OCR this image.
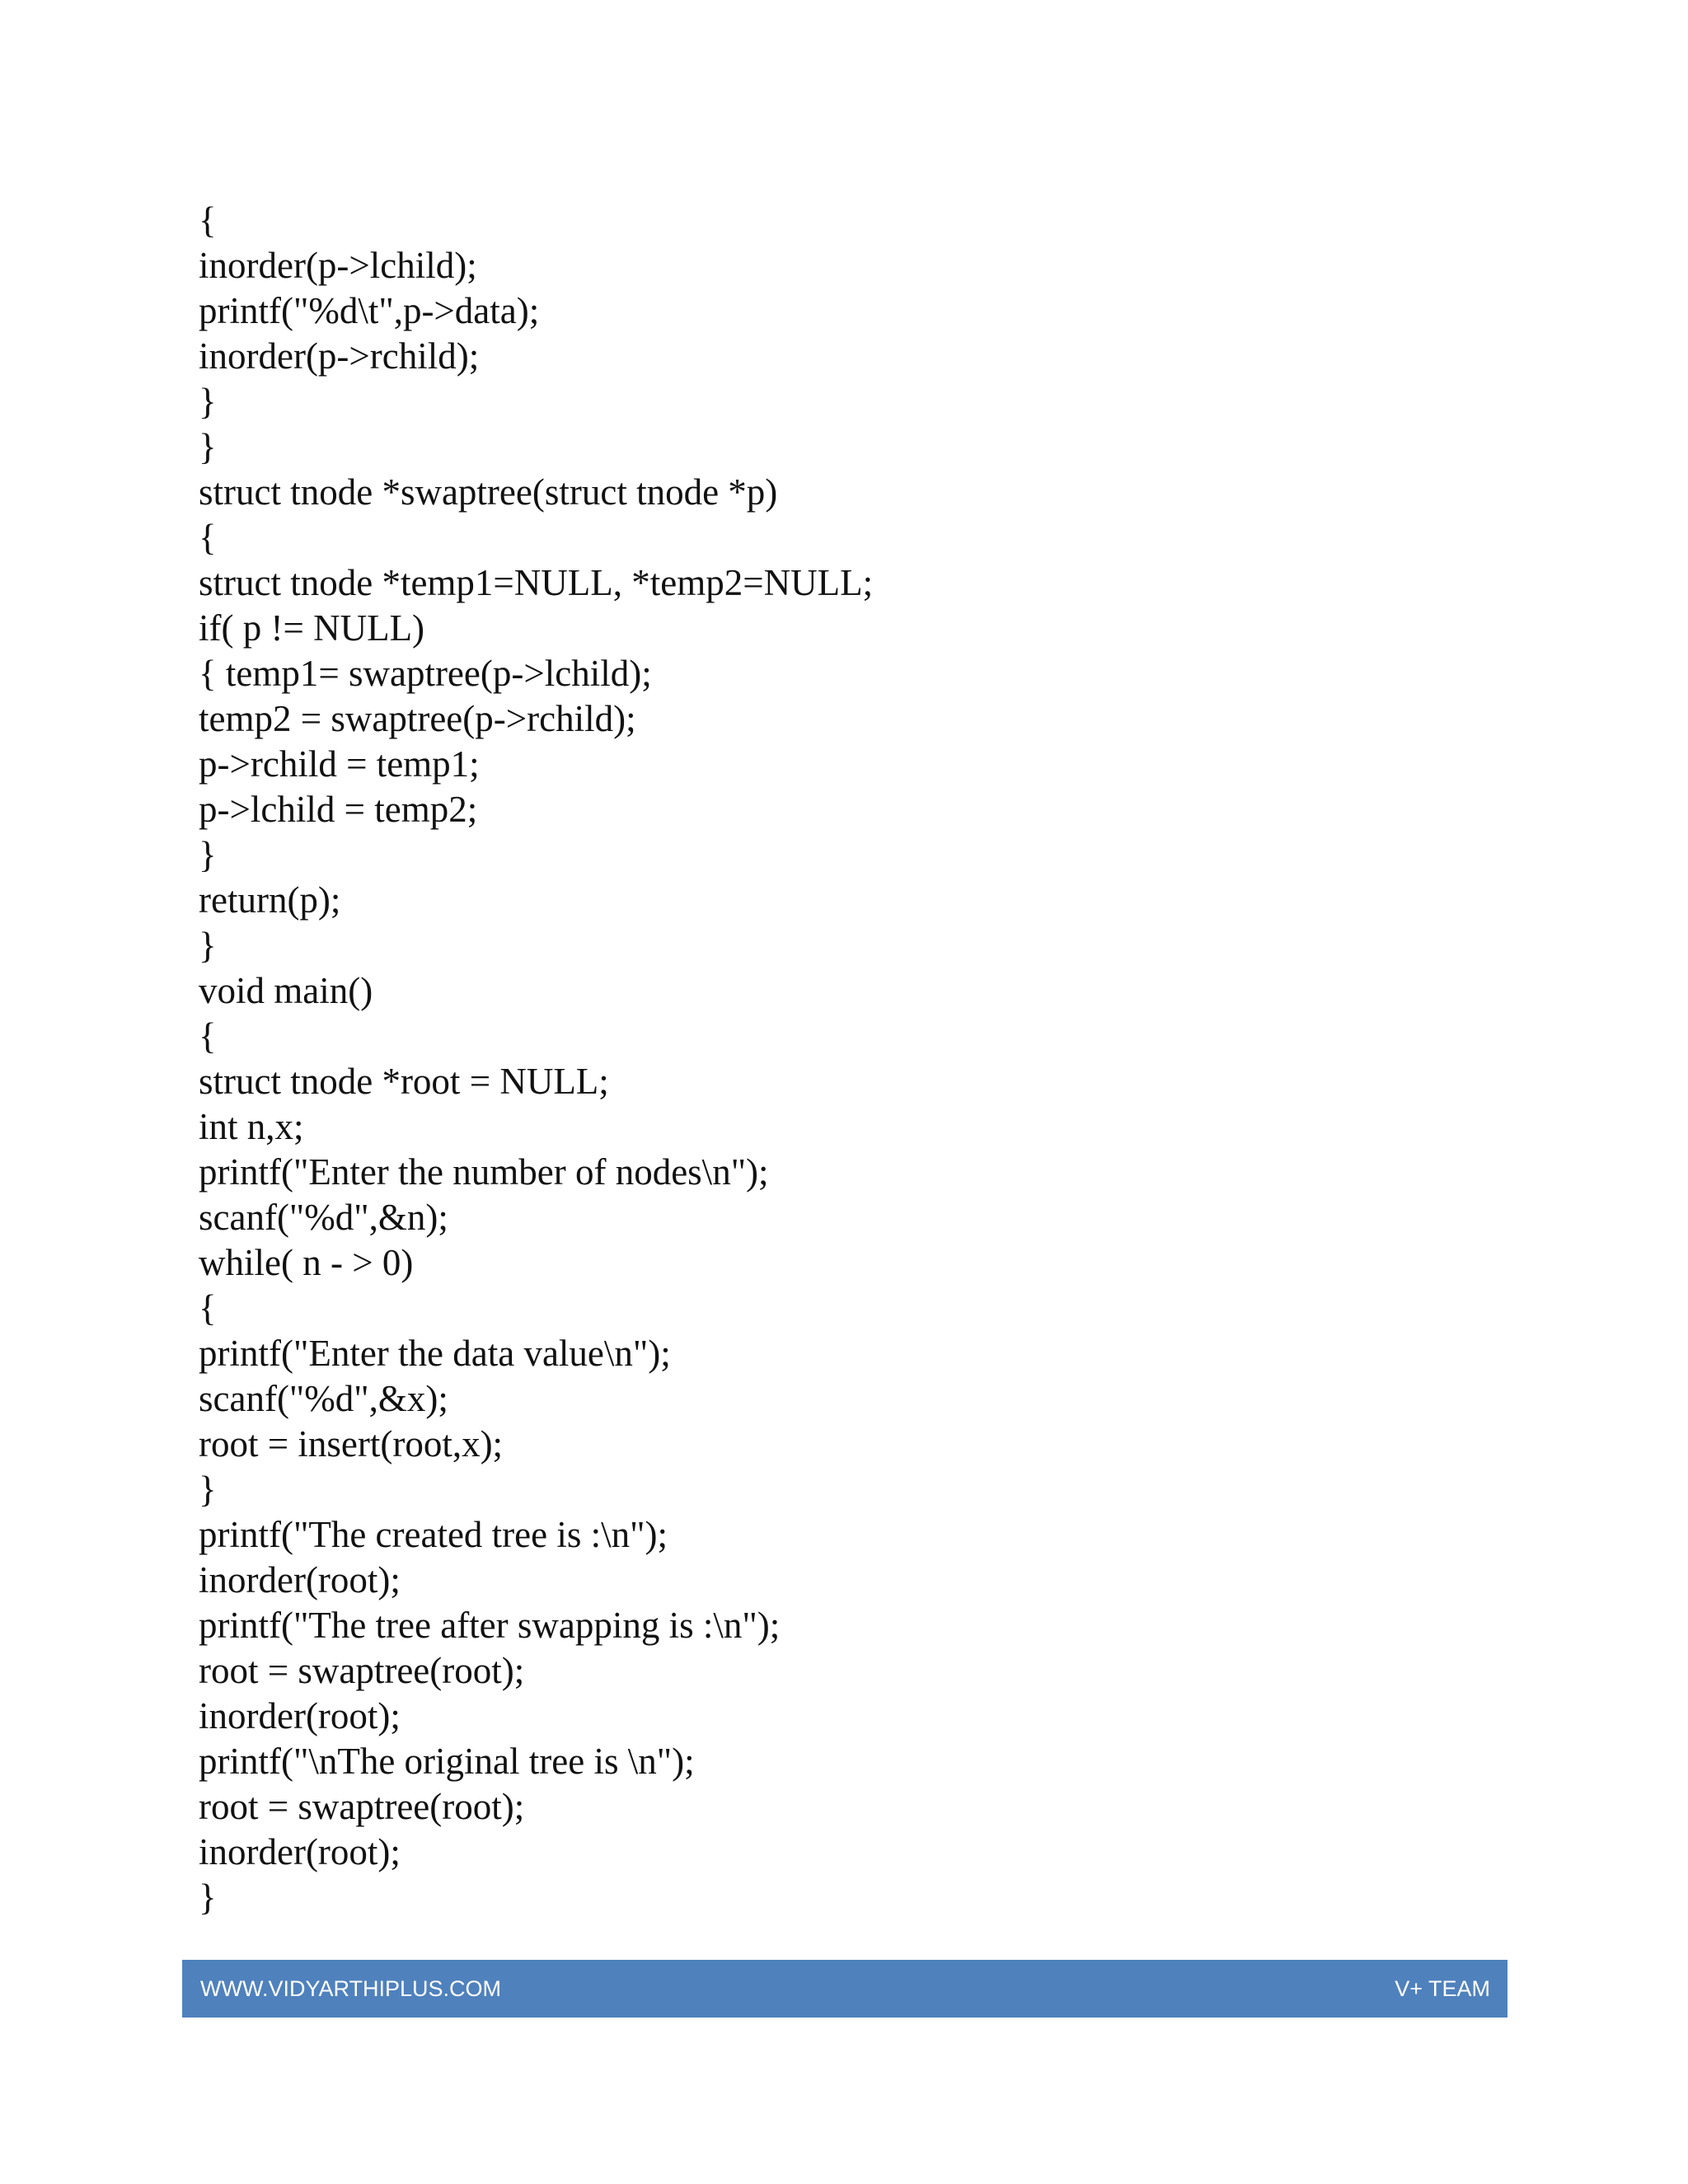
{
inorder(p->lchild);
printf("%d\t",p->data);
inorder(p->rchild);
}
}
struct tnode *swaptree(struct tnode *p)
{
struct tnode *temp1=NULL, *temp2=NULL;
if( p != NULL)
{ temp1= swaptree(p->lchild);
temp2 = swaptree(p->rchild);
p->rchild = temp1;
p->lchild = temp2;
}
return(p);
}
void main()
{
struct tnode *root = NULL;
int n,x;
printf("Enter the number of nodes\n");
scanf("%d",&n);
while( n - > 0)
{
printf("Enter the data value\n");
scanf("%d",&x);
root = insert(root,x);
}
printf("The created tree is :\n");
inorder(root);
printf("The tree after swapping is :\n");
root = swaptree(root);
inorder(root);
printf("\nThe original tree is \n");
root = swaptree(root);
inorder(root);
}
WWW.VIDYARTHIPLUS.COM	V+ TEAM
